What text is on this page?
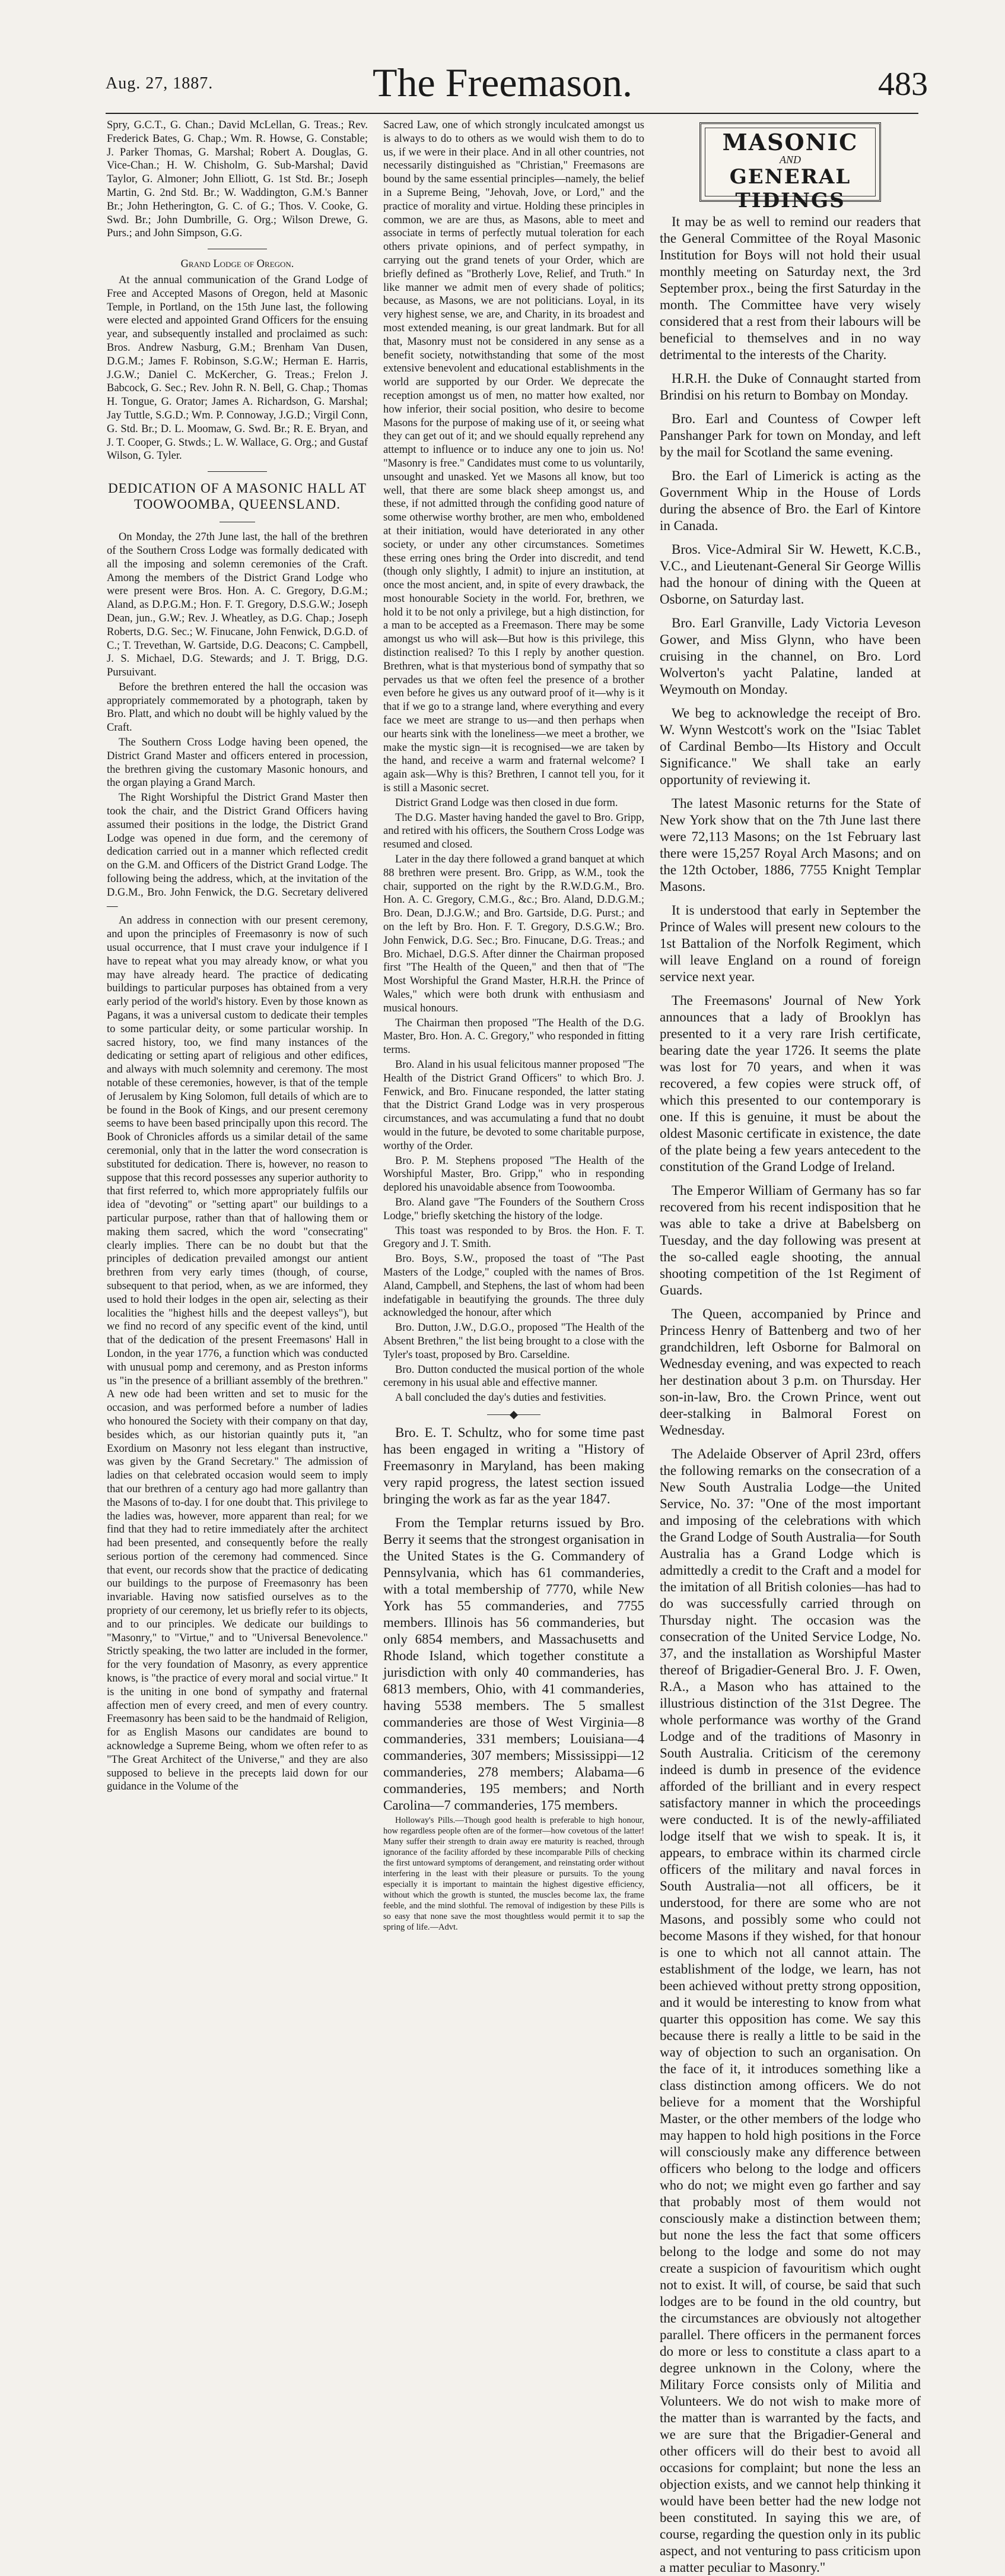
Aug. 27, 1887.	The Freemason.	483

Spry, G.C.T., G. Chan.; David McLellan, G. Treas.; Rev. Frederick Bates, G. Chap.; Wm. R. Howse, G. Constable; J. Parker Thomas, G. Marshal; Robert A. Douglas, G. Vice-Chan.; H. W. Chisholm, G. Sub-Marshal; David Taylor, G. Almoner; John Elliott, G. 1st Std. Br.; Joseph Martin, G. 2nd Std. Br.; W. Waddington, G.M.'s Banner Br.; John Hetherington, G. C. of G.; Thos. V. Cooke, G. Swd. Br.; John Dumbrille, G. Org.; Wilson Drewe, G. Purs.; and John Simpson, G.G.

Grand Lodge of Oregon.

At the annual communication of the Grand Lodge of Free and Accepted Masons of Oregon, held at Masonic Temple, in Portland, on the 15th June last, the following were elected and appointed Grand Officers for the ensuing year, and subsequently installed and proclaimed as such: Bros. Andrew Nasburg, G.M.; Brenham Van Dusen, D.G.M.; James F. Robinson, S.G.W.; Herman E. Harris, J.G.W.; Daniel C. McKercher, G. Treas.; Frelon J. Babcock, G. Sec.; Rev. John R. N. Bell, G. Chap.; Thomas H. Tongue, G. Orator; James A. Richardson, G. Marshal; Jay Tuttle, S.G.D.; Wm. P. Connoway, J.G.D.; Virgil Conn, G. Std. Br.; D. L. Moomaw, G. Swd. Br.; R. E. Bryan, and J. T. Cooper, G. Stwds.; L. W. Wallace, G. Org.; and Gustaf Wilson, G. Tyler.

DEDICATION OF A MASONIC HALL AT TOOWOOMBA, QUEENSLAND.

On Monday, the 27th June last, the hall of the brethren of the Southern Cross Lodge was formally dedicated with all the imposing and solemn ceremonies of the Craft. Among the members of the District Grand Lodge who were present were Bros. Hon. A. C. Gregory, D.G.M.; Aland, as D.P.G.M.; Hon. F. T. Gregory, D.S.G.W.; Joseph Dean, jun., G.W.; Rev. J. Wheatley, as D.G. Chap.; Joseph Roberts, D.G. Sec.; W. Finucane, John Fenwick, D.G.D. of C.; T. Trevethan, W. Gartside, D.G. Deacons; C. Campbell, J. S. Michael, D.G. Stewards; and J. T. Brigg, D.G. Pursuivant.

Before the brethren entered the hall the occasion was appropriately commemorated by a photograph, taken by Bro. Platt, and which no doubt will be highly valued by the Craft.

The Southern Cross Lodge having been opened, the District Grand Master and officers entered in procession, the brethren giving the customary Masonic honours, and the organ playing a Grand March.

The Right Worshipful the District Grand Master then took the chair, and the District Grand Officers having assumed their positions in the lodge, the District Grand Lodge was opened in due form, and the ceremony of dedication carried out in a manner which reflected credit on the G.M. and Officers of the District Grand Lodge. The following being the address, which, at the invitation of the D.G.M., Bro. John Fenwick, the D.G. Secretary delivered—

An address in connection with our present ceremony, and upon the principles of Freemasonry is now of such usual occurrence, that I must crave your indulgence if I have to repeat what you may already know, or what you may have already heard. The practice of dedicating buildings to particular purposes has obtained from a very early period of the world's history. Even by those known as Pagans, it was a universal custom to dedicate their temples to some particular deity, or some particular worship. In sacred history, too, we find many instances of the dedicating or setting apart of religious and other edifices, and always with much solemnity and ceremony. The most notable of these ceremonies, however, is that of the temple of Jerusalem by King Solomon, full details of which are to be found in the Book of Kings, and our present ceremony seems to have been based principally upon this record. The Book of Chronicles affords us a similar detail of the same ceremonial, only that in the latter the word consecration is substituted for dedication. There is, however, no reason to suppose that this record possesses any superior authority to that first referred to, which more appropriately fulfils our idea of "devoting" or "setting apart" our buildings to a particular purpose, rather than that of hallowing them or making them sacred, which the word "consecrating" clearly implies. There can be no doubt but that the principles of dedication prevailed amongst our antient brethren from very early times (though, of course, subsequent to that period, when, as we are informed, they used to hold their lodges in the open air, selecting as their localities the "highest hills and the deepest valleys"), but we find no record of any specific event of the kind, until that of the dedication of the present Freemasons' Hall in London, in the year 1776, a function which was conducted with unusual pomp and ceremony, and as Preston informs us "in the presence of a brilliant assembly of the brethren." A new ode had been written and set to music for the occasion, and was performed before a number of ladies who honoured the Society with their company on that day, besides which, as our historian quaintly puts it, "an Exordium on Masonry not less elegant than instructive, was given by the Grand Secretary." The admission of ladies on that celebrated occasion would seem to imply that our brethren of a century ago had more gallantry than the Masons of to-day. I for one doubt that. This privilege to the ladies was, however, more apparent than real; for we find that they had to retire immediately after the architect had been presented, and consequently before the really serious portion of the ceremony had commenced. Since that event, our records show that the practice of dedicating our buildings to the purpose of Freemasonry has been invariable. Having now satisfied ourselves as to the propriety of our ceremony, let us briefly refer to its objects, and to our principles. We dedicate our buildings to "Masonry," to "Virtue," and to "Universal Benevolence." Strictly speaking, the two latter are included in the former, for the very foundation of Masonry, as every apprentice knows, is "the practice of every moral and social virtue." It is the uniting in one bond of sympathy and fraternal affection men of every creed, and men of every country. Freemasonry has been said to be the handmaid of Religion, for as English Masons our candidates are bound to acknowledge a Supreme Being, whom we often refer to as "The Great Architect of the Universe," and they are also supposed to believe in the precepts laid down for our guidance in the Volume of the

Sacred Law, one of which strongly inculcated amongst us is always to do to others as we would wish them to do to us, if we were in their place. And in all other countries, not necessarily distinguished as "Christian," Freemasons are bound by the same essential principles—namely, the belief in a Supreme Being, "Jehovah, Jove, or Lord," and the practice of morality and virtue. Holding these principles in common, we are are thus, as Masons, able to meet and associate in terms of perfectly mutual toleration for each others private opinions, and of perfect sympathy, in carrying out the grand tenets of your Order, which are briefly defined as "Brotherly Love, Relief, and Truth." In like manner we admit men of every shade of politics; because, as Masons, we are not politicians. Loyal, in its very highest sense, we are, and Charity, in its broadest and most extended meaning, is our great landmark. But for all that, Masonry must not be considered in any sense as a benefit society, notwithstanding that some of the most extensive benevolent and educational establishments in the world are supported by our Order. We deprecate the reception amongst us of men, no matter how exalted, nor how inferior, their social position, who desire to become Masons for the purpose of making use of it, or seeing what they can get out of it; and we should equally reprehend any attempt to influence or to induce any one to join us. No! "Masonry is free." Candidates must come to us voluntarily, unsought and unasked. Yet we Masons all know, but too well, that there are some black sheep amongst us, and these, if not admitted through the confiding good nature of some otherwise worthy brother, are men who, emboldened at their initiation, would have deteriorated in any other society, or under any other circumstances. Sometimes these erring ones bring the Order into discredit, and tend (though only slightly, I admit) to injure an institution, at once the most ancient, and, in spite of every drawback, the most honourable Society in the world. For, brethren, we hold it to be not only a privilege, but a high distinction, for a man to be accepted as a Freemason. There may be some amongst us who will ask—But how is this privilege, this distinction realised? To this I reply by another question. Brethren, what is that mysterious bond of sympathy that so pervades us that we often feel the presence of a brother even before he gives us any outward proof of it—why is it that if we go to a strange land, where everything and every face we meet are strange to us—and then perhaps when our hearts sink with the loneliness—we meet a brother, we make the mystic sign—it is recognised—we are taken by the hand, and receive a warm and fraternal welcome? I again ask—Why is this? Brethren, I cannot tell you, for it is still a Masonic secret.

District Grand Lodge was then closed in due form.

The D.G. Master having handed the gavel to Bro. Gripp, and retired with his officers, the Southern Cross Lodge was resumed and closed.

Later in the day there followed a grand banquet at which 88 brethren were present. Bro. Gripp, as W.M., took the chair, supported on the right by the R.W.D.G.M., Bro. Hon. A. C. Gregory, C.M.G., &c.; Bro. Aland, D.D.G.M.; Bro. Dean, D.J.G.W.; and Bro. Gartside, D.G. Purst.; and on the left by Bro. Hon. F. T. Gregory, D.S.G.W.; Bro. John Fenwick, D.G. Sec.; Bro. Finucane, D.G. Treas.; and Bro. Michael, D.G.S. After dinner the Chairman proposed first "The Health of the Queen," and then that of "The Most Worshipful the Grand Master, H.R.H. the Prince of Wales," which were both drunk with enthusiasm and musical honours.

The Chairman then proposed "The Health of the D.G. Master, Bro. Hon. A. C. Gregory," who responded in fitting terms.

Bro. Aland in his usual felicitous manner proposed "The Health of the District Grand Officers" to which Bro. J. Fenwick, and Bro. Finucane responded, the latter stating that the District Grand Lodge was in very prosperous circumstances, and was accumulating a fund that no doubt would in the future, be devoted to some charitable purpose, worthy of the Order.

Bro. P. M. Stephens proposed "The Health of the Worshipful Master, Bro. Gripp," who in responding deplored his unavoidable absence from Toowoomba.

Bro. Aland gave "The Founders of the Southern Cross Lodge," briefly sketching the history of the lodge.

This toast was responded to by Bros. the Hon. F. T. Gregory and J. T. Smith.

Bro. Boys, S.W., proposed the toast of "The Past Masters of the Lodge," coupled with the names of Bros. Aland, Campbell, and Stephens, the last of whom had been indefatigable in beautifying the grounds. The three duly acknowledged the honour, after which

Bro. Dutton, J.W., D.G.O., proposed "The Health of the Absent Brethren," the list being brought to a close with the Tyler's toast, proposed by Bro. Carseldine.

Bro. Dutton conducted the musical portion of the whole ceremony in his usual able and effective manner.

A ball concluded the day's duties and festivities.

Bro. E. T. Schultz, who for some time past has been engaged in writing a "History of Freemasonry in Maryland, has been making very rapid progress, the latest section issued bringing the work as far as the year 1847.

From the Templar returns issued by Bro. Berry it seems that the strongest organisation in the United States is the G. Commandery of Pennsylvania, which has 61 commanderies, with a total membership of 7770, while New York has 55 commanderies, and 7755 members. Illinois has 56 commanderies, but only 6854 members, and Massachusetts and Rhode Island, which together constitute a jurisdiction with only 40 commanderies, has 6813 members, Ohio, with 41 commanderies, having 5538 members. The 5 smallest commanderies are those of West Virginia—8 commanderies, 331 members; Louisiana—4 commanderies, 307 members; Mississippi—12 commanderies, 278 members; Alabama—6 commanderies, 195 members; and North Carolina—7 commanderies, 175 members.

Holloway's Pills.—Though good health is preferable to high honour, how regardless people often are of the former—how covetous of the latter! Many suffer their strength to drain away ere maturity is reached, through ignorance of the facility afforded by these incomparable Pills of checking the first untoward symptoms of derangement, and reinstating order without interfering in the least with their pleasure or pursuits. To the young especially it is important to maintain the highest digestive efficiency, without which the growth is stunted, the muscles become lax, the frame feeble, and the mind slothful. The removal of indigestion by these Pills is so easy that none save the most thoughtless would permit it to sap the spring of life.—Advt.

MASONIC
AND
GENERAL TIDINGS

It may be as well to remind our readers that the General Committee of the Royal Masonic Institution for Boys will not hold their usual monthly meeting on Saturday next, the 3rd September prox., being the first Saturday in the month. The Committee have very wisely considered that a rest from their labours will be beneficial to themselves and in no way detrimental to the interests of the Charity.

H.R.H. the Duke of Connaught started from Brindisi on his return to Bombay on Monday.

Bro. Earl and Countess of Cowper left Panshanger Park for town on Monday, and left by the mail for Scotland the same evening.

Bro. the Earl of Limerick is acting as the Government Whip in the House of Lords during the absence of Bro. the Earl of Kintore in Canada.

Bros. Vice-Admiral Sir W. Hewett, K.C.B., V.C., and Lieutenant-General Sir George Willis had the honour of dining with the Queen at Osborne, on Saturday last.

Bro. Earl Granville, Lady Victoria Leveson Gower, and Miss Glynn, who have been cruising in the channel, on Bro. Lord Wolverton's yacht Palatine, landed at Weymouth on Monday.

We beg to acknowledge the receipt of Bro. W. Wynn Westcott's work on the "Isiac Tablet of Cardinal Bembo—Its History and Occult Significance." We shall take an early opportunity of reviewing it.

The latest Masonic returns for the State of New York show that on the 7th June last there were 72,113 Masons; on the 1st February last there were 15,257 Royal Arch Masons; and on the 12th October, 1886, 7755 Knight Templar Masons.

It is understood that early in September the Prince of Wales will present new colours to the 1st Battalion of the Norfolk Regiment, which will leave England on a round of foreign service next year.

The Freemasons' Journal of New York announces that a lady of Brooklyn has presented to it a very rare Irish certificate, bearing date the year 1726. It seems the plate was lost for 70 years, and when it was recovered, a few copies were struck off, of which this presented to our contemporary is one. If this is genuine, it must be about the oldest Masonic certificate in existence, the date of the plate being a few years antecedent to the constitution of the Grand Lodge of Ireland.

The Emperor William of Germany has so far recovered from his recent indisposition that he was able to take a drive at Babelsberg on Tuesday, and the day following was present at the so-called eagle shooting, the annual shooting competition of the 1st Regiment of Guards.

The Queen, accompanied by Prince and Princess Henry of Battenberg and two of her grandchildren, left Osborne for Balmoral on Wednesday evening, and was expected to reach her destination about 3 p.m. on Thursday. Her son-in-law, Bro. the Crown Prince, went out deer-stalking in Balmoral Forest on Wednesday.

The Adelaide Observer of April 23rd, offers the following remarks on the consecration of a New South Australia Lodge—the United Service, No. 37: "One of the most important and imposing of the celebrations with which the Grand Lodge of South Australia—for South Australia has a Grand Lodge which is admittedly a credit to the Craft and a model for the imitation of all British colonies—has had to do was successfully carried through on Thursday night. The occasion was the consecration of the United Service Lodge, No. 37, and the installation as Worshipful Master thereof of Brigadier-General Bro. J. F. Owen, R.A., a Mason who has attained to the illustrious distinction of the 31st Degree. The whole performance was worthy of the Grand Lodge and of the traditions of Masonry in South Australia. Criticism of the ceremony indeed is dumb in presence of the evidence afforded of the brilliant and in every respect satisfactory manner in which the proceedings were conducted. It is of the newly-affiliated lodge itself that we wish to speak. It is, it appears, to embrace within its charmed circle officers of the military and naval forces in South Australia—not all officers, be it understood, for there are some who are not Masons, and possibly some who could not become Masons if they wished, for that honour is one to which not all cannot attain. The establishment of the lodge, we learn, has not been achieved without pretty strong opposition, and it would be interesting to know from what quarter this opposition has come. We say this because there is really a little to be said in the way of objection to such an organisation. On the face of it, it introduces something like a class distinction among officers. We do not believe for a moment that the Worshipful Master, or the other members of the lodge who may happen to hold high positions in the Force will consciously make any difference between officers who belong to the lodge and officers who do not; we might even go farther and say that probably most of them would not consciously make a distinction between them; but none the less the fact that some officers belong to the lodge and some do not may create a suspicion of favouritism which ought not to exist. It will, of course, be said that such lodges are to be found in the old country, but the circumstances are obviously not altogether parallel. There officers in the permanent forces do more or less to constitute a class apart to a degree unknown in the Colony, where the Military Force consists only of Militia and Volunteers. We do not wish to make more of the matter than is warranted by the facts, and we are sure that the Brigadier-General and other officers will do their best to avoid all occasions for complaint; but none the less an objection exists, and we cannot help thinking it would have been better had the new lodge not been constituted. In saying this we are, of course, regarding the question only in its public aspect, and not venturing to pass criticism upon a matter peculiar to Masonry."
